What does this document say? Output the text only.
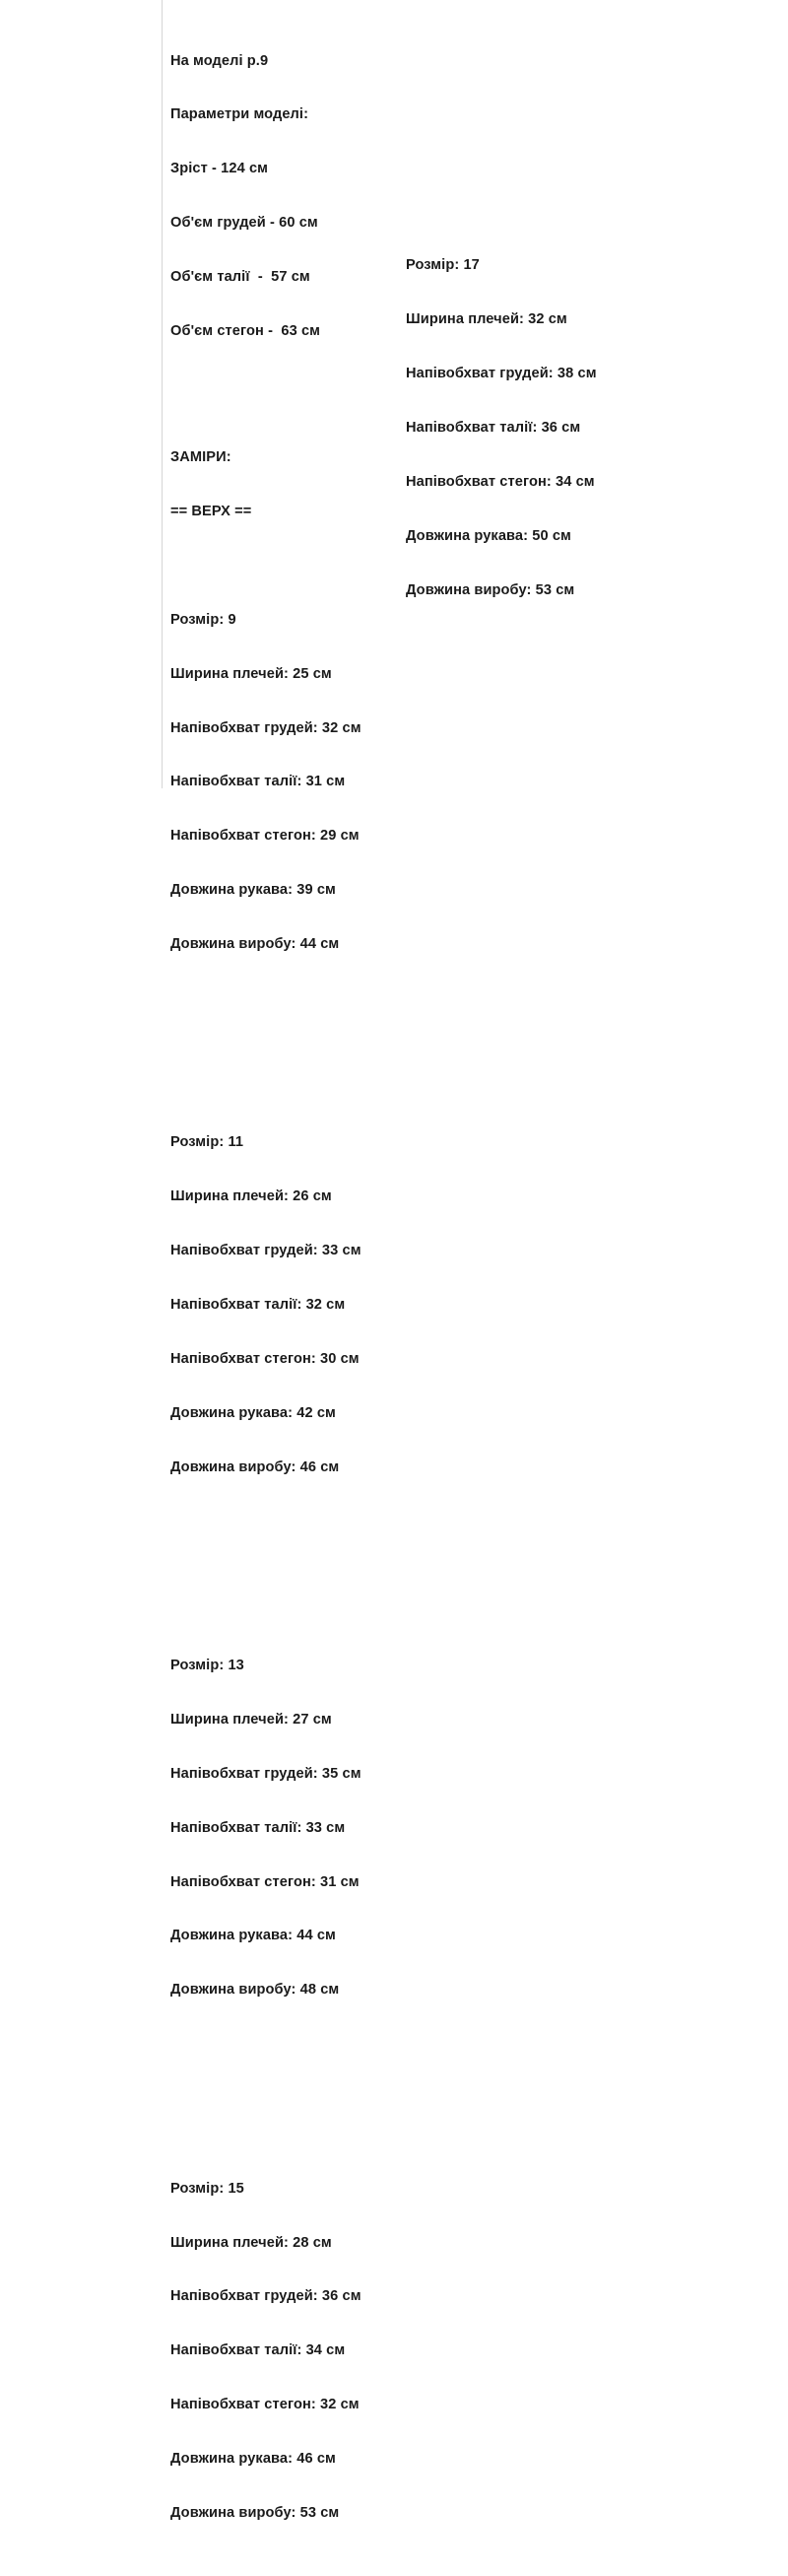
На моделі р.9

Параметри моделі:

Зріст - 124 см

Об'єм грудей - 60 см

Об'єм талії  -  57 см

Об'єм стегон -  63 см

ЗАМІРИ:

== ВЕРХ ==

Розмір: 9

Ширина плечей: 25 см

Напівобхват грудей: 32 см

Напівобхват талії: 31 см

Напівобхват стегон: 29 см

Довжина рукава: 39 см

Довжина виробу: 44 см

Розмір: 11

Ширина плечей: 26 см

Напівобхват грудей: 33 см

Напівобхват талії: 32 см

Напівобхват стегон: 30 см

Довжина рукава: 42 см

Довжина виробу: 46 см

Розмір: 13

Ширина плечей: 27 см

Напівобхват грудей: 35 см

Напівобхват талії: 33 см

Напівобхват стегон: 31 см

Довжина рукава: 44 см

Довжина виробу: 48 см

Розмір: 15

Ширина плечей: 28 см

Напівобхват грудей: 36 см

Напівобхват талії: 34 см

Напівобхват стегон: 32 см

Довжина рукава: 46 см

Довжина виробу: 53 см

Розмір: 17

Ширина плечей: 32 см

Напівобхват грудей: 38 см

Напівобхват талії: 36 см

Напівобхват стегон: 34 см

Довжина рукава: 50 см

Довжина виробу: 53 см
